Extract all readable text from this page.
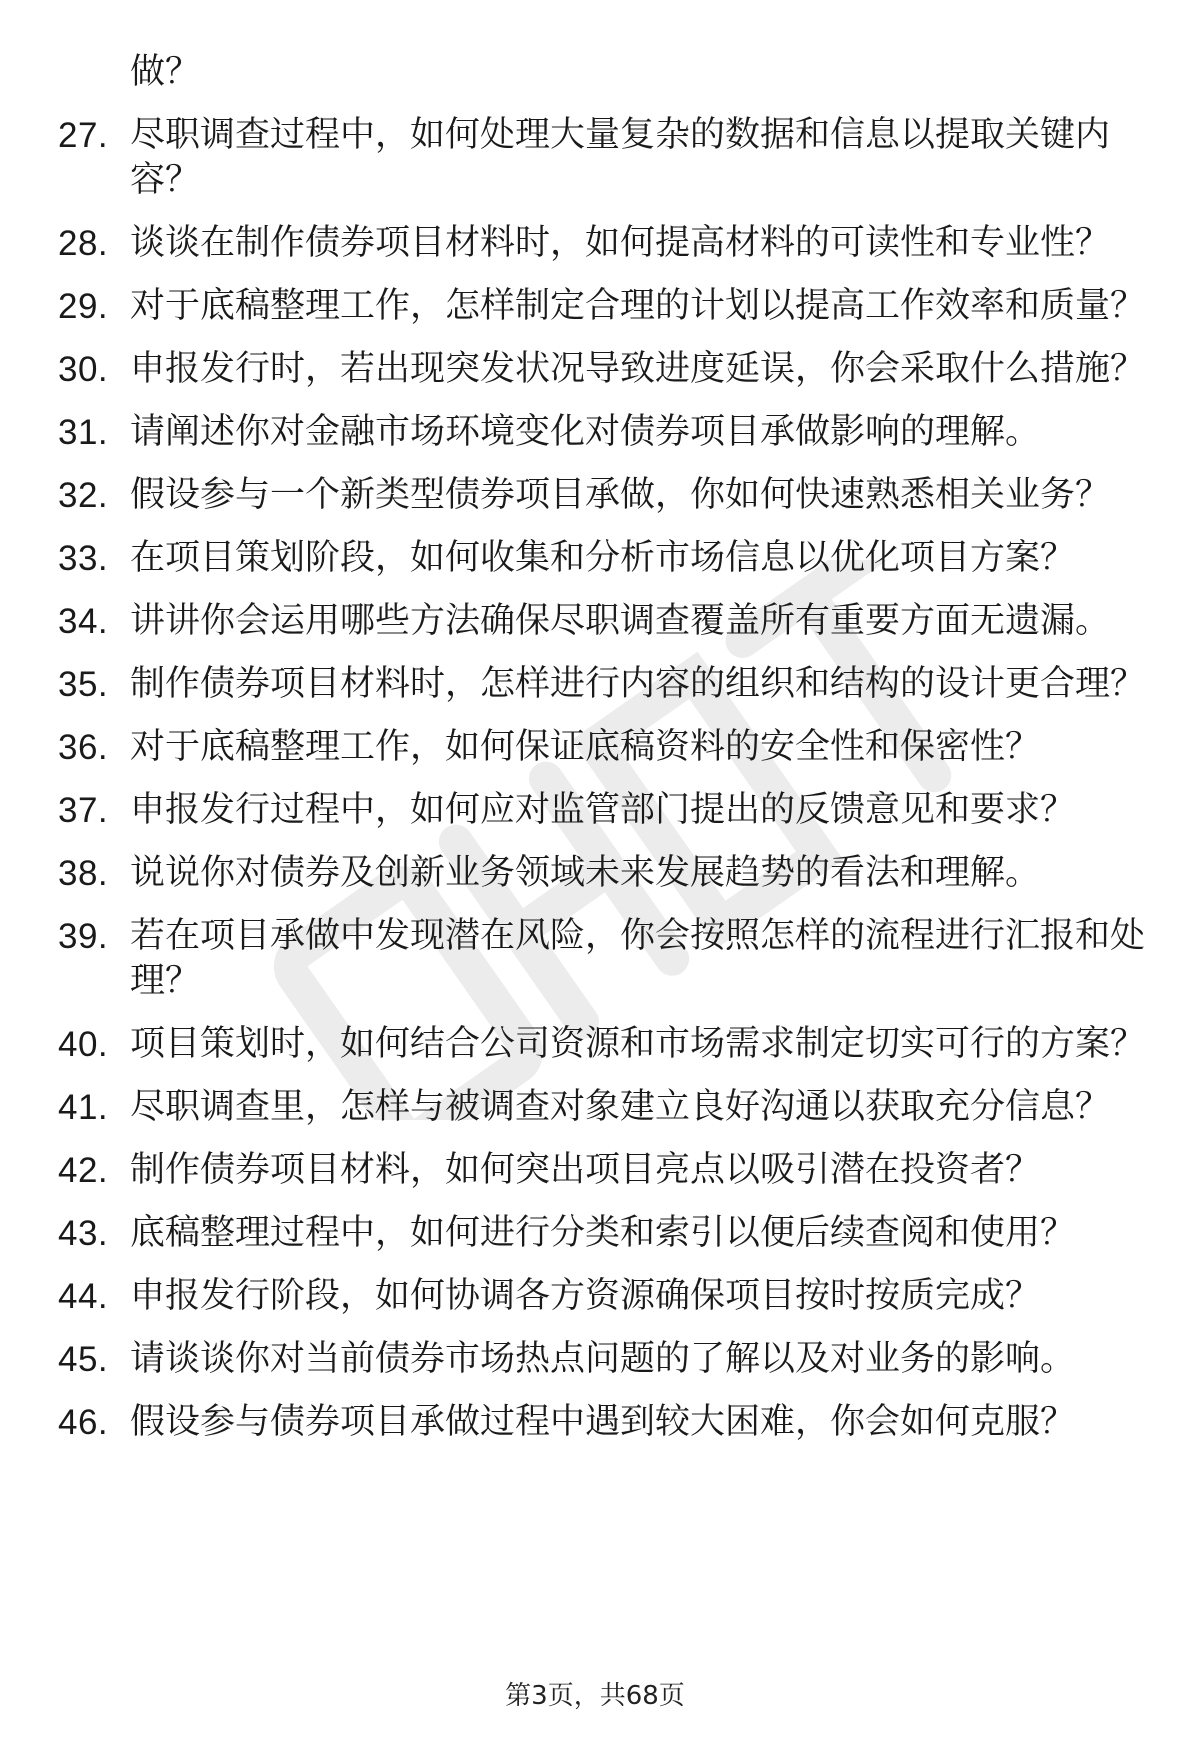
做？
27. 尽职调查过程中，如何处理大量复杂的数据和信息以提取关键内容？
28. 谈谈在制作债券项目材料时，如何提高材料的可读性和专业性？
29. 对于底稿整理工作，怎样制定合理的计划以提高工作效率和质量？
30. 申报发行时，若出现突发状况导致进度延误，你会采取什么措施？
31. 请阐述你对金融市场环境变化对债券项目承做影响的理解。
32. 假设参与一个新类型债券项目承做，你如何快速熟悉相关业务？
33. 在项目策划阶段，如何收集和分析市场信息以优化项目方案？
34. 讲讲你会运用哪些方法确保尽职调查覆盖所有重要方面无遗漏。
35. 制作债券项目材料时，怎样进行内容的组织和结构的设计更合理？
36. 对于底稿整理工作，如何保证底稿资料的安全性和保密性？
37. 申报发行过程中，如何应对监管部门提出的反馈意见和要求？
38. 说说你对债券及创新业务领域未来发展趋势的看法和理解。
39. 若在项目承做中发现潜在风险，你会按照怎样的流程进行汇报和处理？
40. 项目策划时，如何结合公司资源和市场需求制定切实可行的方案？
41. 尽职调查里，怎样与被调查对象建立良好沟通以获取充分信息？
42. 制作债券项目材料，如何突出项目亮点以吸引潜在投资者？
43. 底稿整理过程中，如何进行分类和索引以便后续查阅和使用？
44. 申报发行阶段，如何协调各方资源确保项目按时按质完成？
45. 请谈谈你对当前债券市场热点问题的了解以及对业务的影响。
46. 假设参与债券项目承做过程中遇到较大困难，你会如何克服？
第3页，共68页
